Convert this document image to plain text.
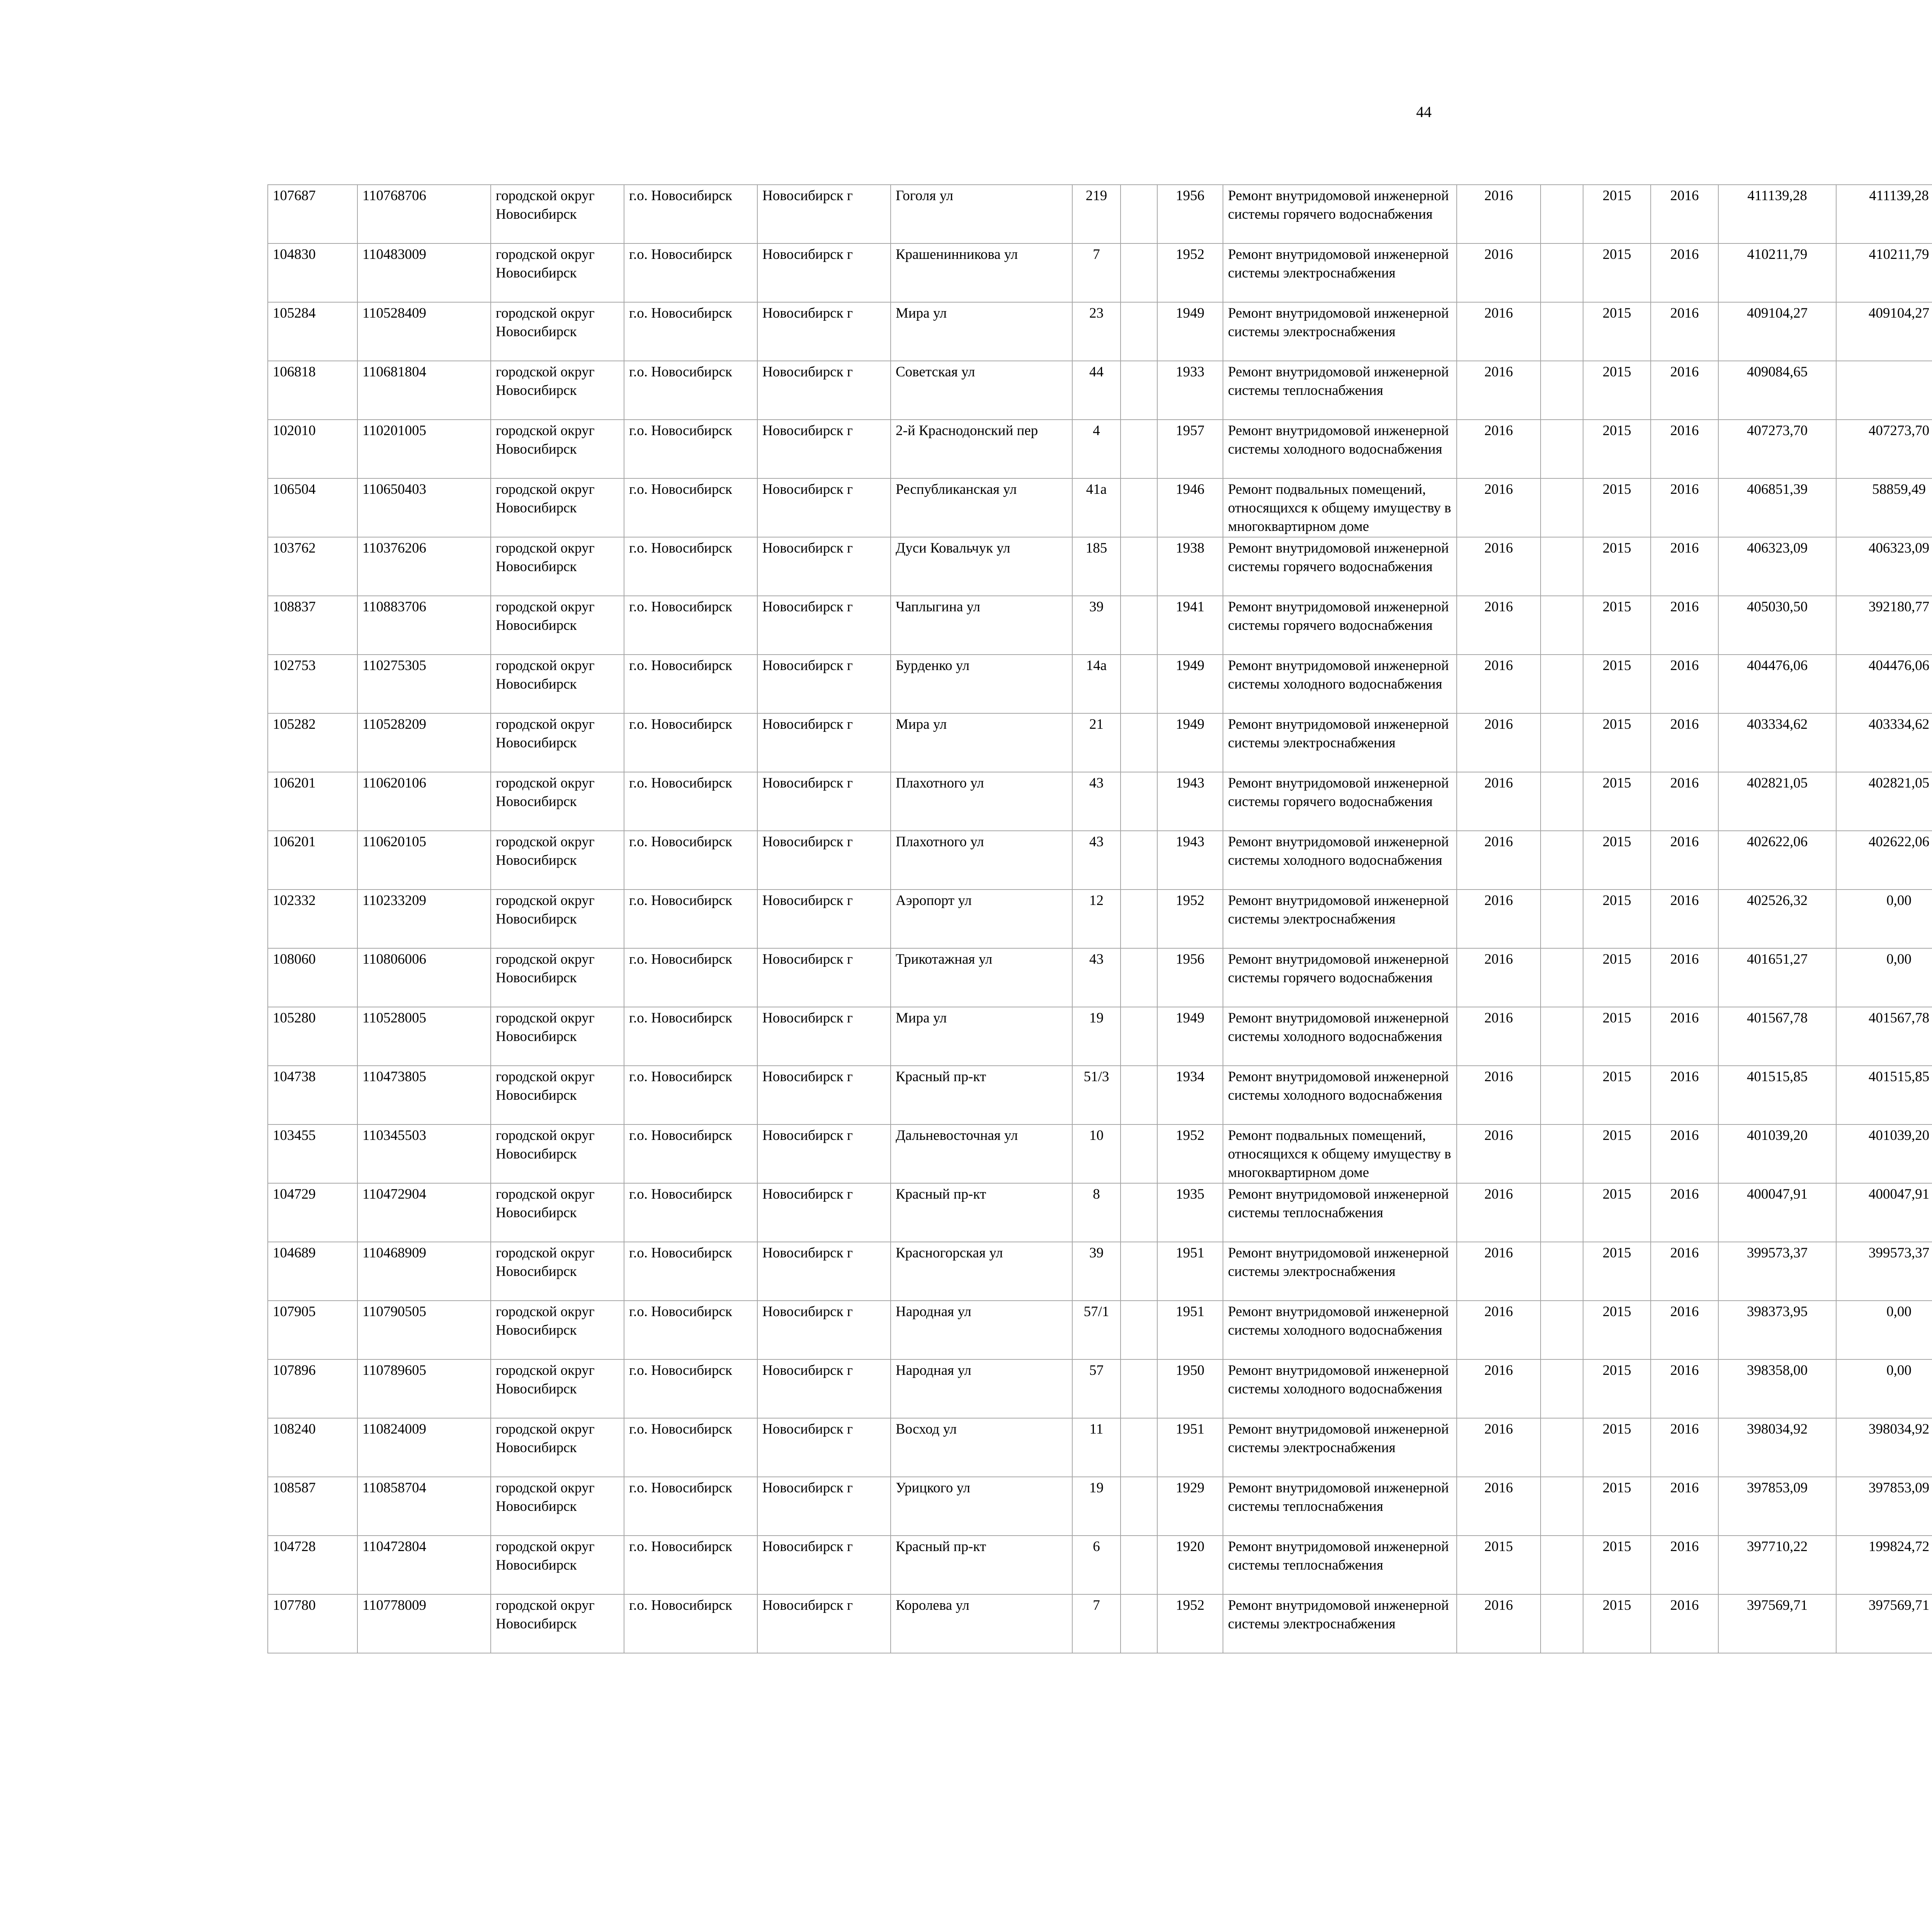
44
107687	110768706	городской округ Новосибирск	г.о. Новосибирск	Новосибирск г	Гоголя ул	219		1956	Ремонт внутридомовой инженерной системы горячего водоснабжения	2016		2015	2016	411139,28	411139,28						
104830	110483009	городской округ Новосибирск	г.о. Новосибирск	Новосибирск г	Крашенинникова ул	7		1952	Ремонт внутридомовой инженерной системы электроснабжения	2016		2015	2016	410211,79	410211,79						
105284	110528409	городской округ Новосибирск	г.о. Новосибирск	Новосибирск г	Мира ул	23		1949	Ремонт внутридомовой инженерной системы электроснабжения	2016		2015	2016	409104,27	409104,27						
106818	110681804	городской округ Новосибирск	г.о. Новосибирск	Новосибирск г	Советская ул	44		1933	Ремонт внутридомовой инженерной системы теплоснабжения	2016		2015	2016	409084,65							
102010	110201005	городской округ Новосибирск	г.о. Новосибирск	Новосибирск г	2-й Краснодонский пер	4		1957	Ремонт внутридомовой инженерной системы холодного водоснабжения	2016		2015	2016	407273,70	407273,70						
106504	110650403	городской округ Новосибирск	г.о. Новосибирск	Новосибирск г	Республиканская ул	41а		1946	Ремонт подвальных помещений, относящихся к общему имуществу в многоквартирном доме	2016		2015	2016	406851,39	58859,49						
103762	110376206	городской округ Новосибирск	г.о. Новосибирск	Новосибирск г	Дуси Ковальчук ул	185		1938	Ремонт внутридомовой инженерной системы горячего водоснабжения	2016		2015	2016	406323,09	406323,09						
108837	110883706	городской округ Новосибирск	г.о. Новосибирск	Новосибирск г	Чаплыгина ул	39		1941	Ремонт внутридомовой инженерной системы горячего водоснабжения	2016		2015	2016	405030,50	392180,77						
102753	110275305	городской округ Новосибирск	г.о. Новосибирск	Новосибирск г	Бурденко ул	14а		1949	Ремонт внутридомовой инженерной системы холодного водоснабжения	2016		2015	2016	404476,06	404476,06						
105282	110528209	городской округ Новосибирск	г.о. Новосибирск	Новосибирск г	Мира ул	21		1949	Ремонт внутридомовой инженерной системы электроснабжения	2016		2015	2016	403334,62	403334,62						
106201	110620106	городской округ Новосибирск	г.о. Новосибирск	Новосибирск г	Плахотного ул	43		1943	Ремонт внутридомовой инженерной системы горячего водоснабжения	2016		2015	2016	402821,05	402821,05						
106201	110620105	городской округ Новосибирск	г.о. Новосибирск	Новосибирск г	Плахотного ул	43		1943	Ремонт внутридомовой инженерной системы холодного водоснабжения	2016		2015	2016	402622,06	402622,06						
102332	110233209	городской округ Новосибирск	г.о. Новосибирск	Новосибирск г	Аэропорт ул	12		1952	Ремонт внутридомовой инженерной системы электроснабжения	2016		2015	2016	402526,32	0,00						
108060	110806006	городской округ Новосибирск	г.о. Новосибирск	Новосибирск г	Трикотажная ул	43		1956	Ремонт внутридомовой инженерной системы горячего водоснабжения	2016		2015	2016	401651,27	0,00						
105280	110528005	городской округ Новосибирск	г.о. Новосибирск	Новосибирск г	Мира ул	19		1949	Ремонт внутридомовой инженерной системы холодного водоснабжения	2016		2015	2016	401567,78	401567,78						
104738	110473805	городской округ Новосибирск	г.о. Новосибирск	Новосибирск г	Красный пр-кт	51/3		1934	Ремонт внутридомовой инженерной системы холодного водоснабжения	2016		2015	2016	401515,85	401515,85						
103455	110345503	городской округ Новосибирск	г.о. Новосибирск	Новосибирск г	Дальневосточная ул	10		1952	Ремонт подвальных помещений, относящихся к общему имуществу в многоквартирном доме	2016		2015	2016	401039,20	401039,20						
104729	110472904	городской округ Новосибирск	г.о. Новосибирск	Новосибирск г	Красный пр-кт	8		1935	Ремонт внутридомовой инженерной системы теплоснабжения	2016		2015	2016	400047,91	400047,91						
104689	110468909	городской округ Новосибирск	г.о. Новосибирск	Новосибирск г	Красногорская ул	39		1951	Ремонт внутридомовой инженерной системы электроснабжения	2016		2015	2016	399573,37	399573,37						
107905	110790505	городской округ Новосибирск	г.о. Новосибирск	Новосибирск г	Народная ул	57/1		1951	Ремонт внутридомовой инженерной системы холодного водоснабжения	2016		2015	2016	398373,95	0,00						
107896	110789605	городской округ Новосибирск	г.о. Новосибирск	Новосибирск г	Народная ул	57		1950	Ремонт внутридомовой инженерной системы холодного водоснабжения	2016		2015	2016	398358,00	0,00						
108240	110824009	городской округ Новосибирск	г.о. Новосибирск	Новосибирск г	Восход ул	11		1951	Ремонт внутридомовой инженерной системы электроснабжения	2016		2015	2016	398034,92	398034,92						
108587	110858704	городской округ Новосибирск	г.о. Новосибирск	Новосибирск г	Урицкого ул	19		1929	Ремонт внутридомовой инженерной системы теплоснабжения	2016		2015	2016	397853,09	397853,09						
104728	110472804	городской округ Новосибирск	г.о. Новосибирск	Новосибирск г	Красный пр-кт	6		1920	Ремонт внутридомовой инженерной системы теплоснабжения	2015		2015	2016	397710,22	199824,72						
107780	110778009	городской округ Новосибирск	г.о. Новосибирск	Новосибирск г	Королева ул	7		1952	Ремонт внутридомовой инженерной системы электроснабжения	2016		2015	2016	397569,71	397569,71						
